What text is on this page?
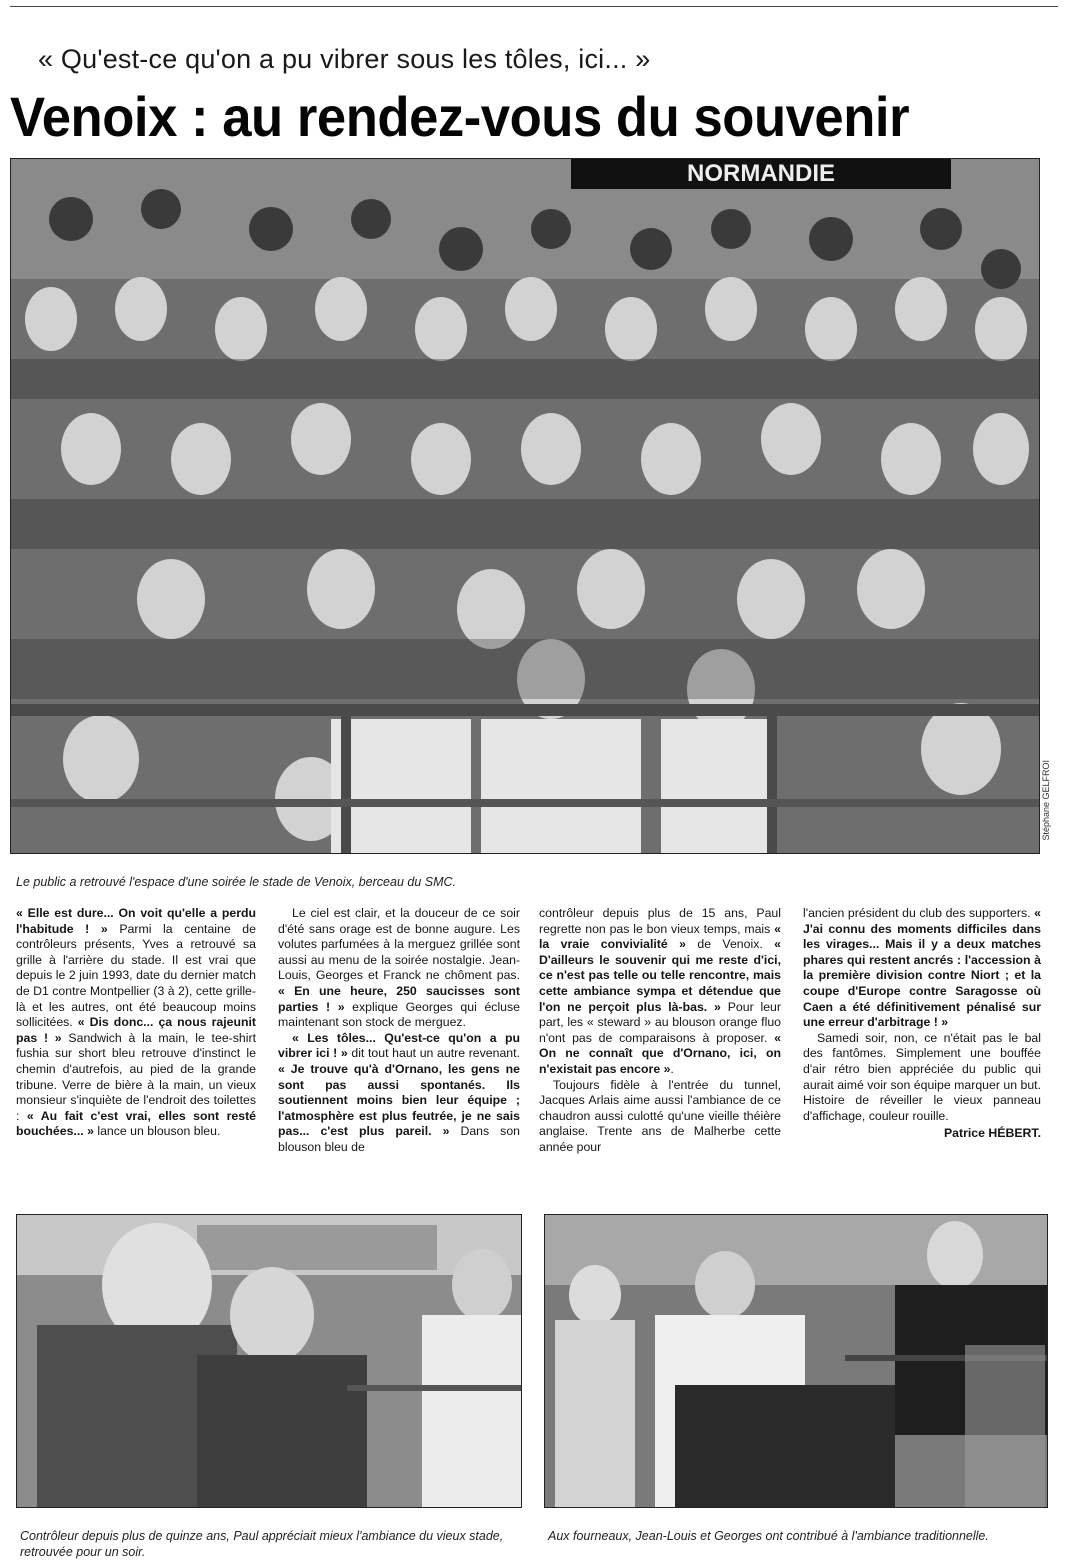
« Qu'est-ce qu'on a pu vibrer sous les tôles, ici... »
Venoix : au rendez-vous du souvenir
NORMANDIE
Stéphane GELFROI
Le public a retrouvé l'espace d'une soirée le stade de Venoix, berceau du SMC.

« Elle est dure... On voit qu'elle a perdu l'habitude ! » Parmi la centaine de contrôleurs présents, Yves a retrouvé sa grille à l'arrière du stade. Il est vrai que depuis le 2 juin 1993, date du dernier match de D1 contre Montpellier (3 à 2), cette grille-là et les autres, ont été beaucoup moins sollicitées. « Dis donc... ça nous rajeunit pas ! » Sandwich à la main, le tee-shirt fushia sur short bleu retrouve d'instinct le chemin d'autrefois, au pied de la grande tribune. Verre de bière à la main, un vieux monsieur s'inquiète de l'endroit des toilettes : « Au fait c'est vrai, elles sont resté bouchées... » lance un blouson bleu.

Le ciel est clair, et la douceur de ce soir d'été sans orage est de bonne augure. Les volutes parfumées à la merguez grillée sont aussi au menu de la soirée nostalgie. Jean-Louis, Georges et Franck ne chôment pas. « En une heure, 250 saucisses sont parties ! » explique Georges qui écluse maintenant son stock de merguez.

« Les tôles... Qu'est-ce qu'on a pu vibrer ici ! » dit tout haut un autre revenant. « Je trouve qu'à d'Ornano, les gens ne sont pas aussi spontanés. Ils soutiennent moins bien leur équipe ; l'atmosphère est plus feutrée, je ne sais pas... c'est plus pareil. » Dans son blouson bleu de

contrôleur depuis plus de 15 ans, Paul regrette non pas le bon vieux temps, mais « la vraie convivialité » de Venoix. « D'ailleurs le souvenir qui me reste d'ici, ce n'est pas telle ou telle rencontre, mais cette ambiance sympa et détendue que l'on ne perçoit plus là-bas. » Pour leur part, les « steward » au blouson orange fluo n'ont pas de comparaisons à proposer. « On ne connaît que d'Ornano, ici, on n'existait pas encore ».

Toujours fidèle à l'entrée du tunnel, Jacques Arlais aime aussi l'ambiance de ce chaudron aussi culotté qu'une vieille théière anglaise. Trente ans de Malherbe cette année pour

l'ancien président du club des supporters. « J'ai connu des moments difficiles dans les virages... Mais il y a deux matches phares qui restent ancrés : l'accession à la première division contre Niort ; et la coupe d'Europe contre Saragosse où Caen a été définitivement pénalisé sur une erreur d'arbitrage ! »

Samedi soir, non, ce n'était pas le bal des fantômes. Simplement une bouffée d'air rétro bien appréciée du public qui aurait aimé voir son équipe marquer un but. Histoire de réveiller le vieux panneau d'affichage, couleur rouille.

Patrice HÉBERT.
Contrôleur depuis plus de quinze ans, Paul appréciait mieux l'ambiance du vieux stade, retrouvée pour un soir.
Aux fourneaux, Jean-Louis et Georges ont contribué à l'ambiance traditionnelle.
